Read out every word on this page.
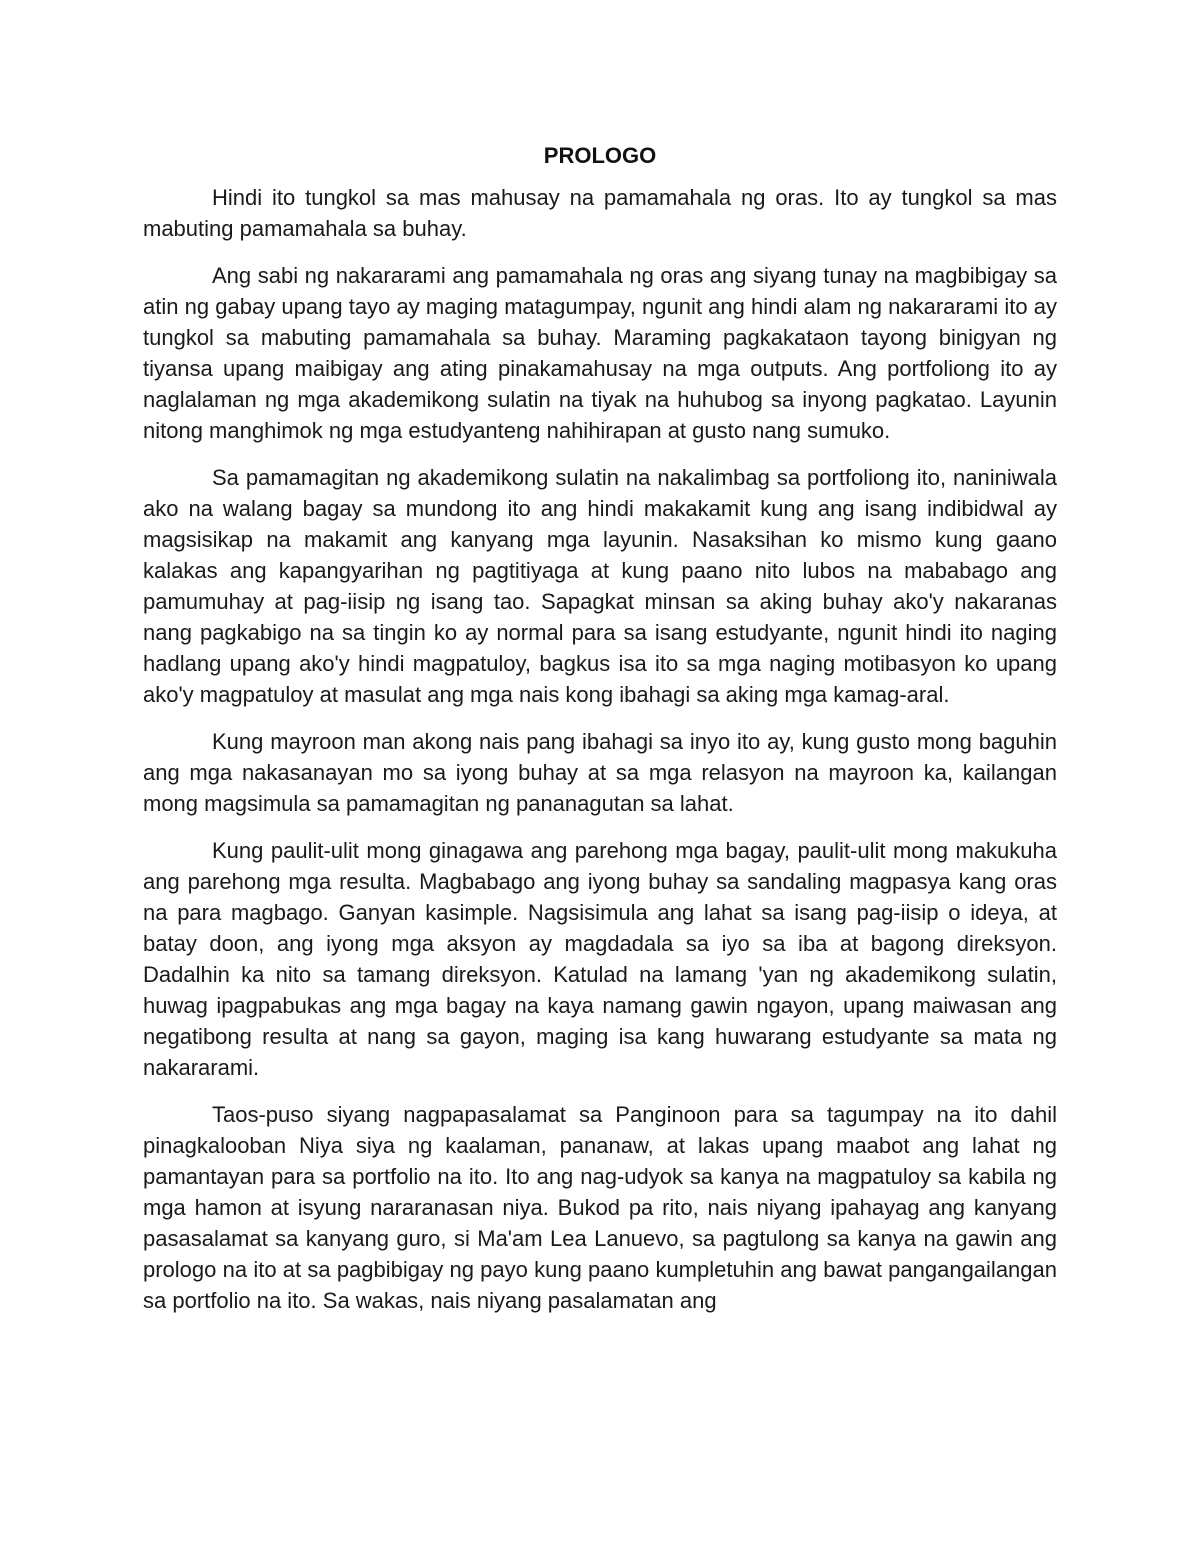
PROLOGO

Hindi ito tungkol sa mas mahusay na pamamahala ng oras. Ito ay tungkol sa mas mabuting pamamahala sa buhay.

Ang sabi ng nakararami ang pamamahala ng oras ang siyang tunay na magbibigay sa atin ng gabay upang tayo ay maging matagumpay, ngunit ang hindi alam ng nakararami ito ay tungkol sa mabuting pamamahala sa buhay. Maraming pagkakataon tayong binigyan ng tiyansa upang maibigay ang ating pinakamahusay na mga outputs. Ang portfoliong ito ay naglalaman ng mga akademikong sulatin na tiyak na huhubog sa inyong pagkatao. Layunin nitong manghimok ng mga estudyanteng nahihirapan at gusto nang sumuko.

Sa pamamagitan ng akademikong sulatin na nakalimbag sa portfoliong ito, naniniwala ako na walang bagay sa mundong ito ang hindi makakamit kung ang isang indibidwal ay magsisikap na makamit ang kanyang mga layunin. Nasaksihan ko mismo kung gaano kalakas ang kapangyarihan ng pagtitiyaga at kung paano nito lubos na mababago ang pamumuhay at pag-iisip ng isang tao. Sapagkat minsan sa aking buhay ako'y nakaranas nang pagkabigo na sa tingin ko ay normal para sa isang estudyante, ngunit hindi ito naging hadlang upang ako'y hindi magpatuloy, bagkus isa ito sa mga naging motibasyon ko upang ako'y magpatuloy at masulat ang mga nais kong ibahagi sa aking mga kamag-aral.

Kung mayroon man akong nais pang ibahagi sa inyo ito ay, kung gusto mong baguhin ang mga nakasanayan mo sa iyong buhay at sa mga relasyon na mayroon ka, kailangan mong magsimula sa pamamagitan ng pananagutan sa lahat.

Kung paulit-ulit mong ginagawa ang parehong mga bagay, paulit-ulit mong makukuha ang parehong mga resulta. Magbabago ang iyong buhay sa sandaling magpasya kang oras na para magbago. Ganyan kasimple. Nagsisimula ang lahat sa isang pag-iisip o ideya, at batay doon, ang iyong mga aksyon ay magdadala sa iyo sa iba at bagong direksyon. Dadalhin ka nito sa tamang direksyon. Katulad na lamang 'yan ng akademikong sulatin, huwag ipagpabukas ang mga bagay na kaya namang gawin ngayon, upang maiwasan ang negatibong resulta at nang sa gayon, maging isa kang huwarang estudyante sa mata ng nakararami.

Taos-puso siyang nagpapasalamat sa Panginoon para sa tagumpay na ito dahil pinagkalooban Niya siya ng kaalaman, pananaw, at lakas upang maabot ang lahat ng pamantayan para sa portfolio na ito. Ito ang nag-udyok sa kanya na magpatuloy sa kabila ng mga hamon at isyung nararanasan niya. Bukod pa rito, nais niyang ipahayag ang kanyang pasasalamat sa kanyang guro, si Ma'am Lea Lanuevo, sa pagtulong sa kanya na gawin ang prologo na ito at sa pagbibigay ng payo kung paano kumpletuhin ang bawat pangangailangan sa portfolio na ito. Sa wakas, nais niyang pasalamatan ang
